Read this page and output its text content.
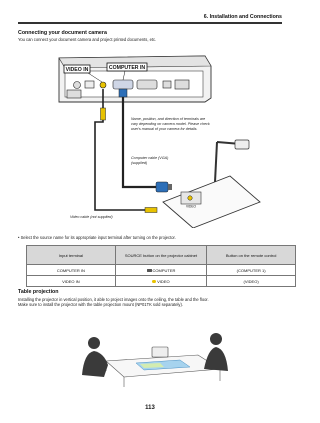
6. Installation and Connections
Connecting your document camera
You can connect your document camera and project printed documents, etc.
VIDEO IN	COMPUTER IN
VIDEO
Name, position, and direction of terminals are
vary depending on camera model. Please check
user's manual of your camera for details.
Computer cable (VGA)
(supplied)
Video cable (not supplied)
• Select the source name for its appropriate input terminal after turning on the projector.
Input terminal	SOURCE button on the projector cabinet	Button on the remote control
COMPUTER IN	COMPUTER	(COMPUTER 1)
VIDEO IN	VIDEO	(VIDEO)
Table projection
Installing the projector in vertical position, it able to project images onto the ceiling, the table and the floor.
Make sure to install the projector with the table projection mount (NP01TK sold separately).
113
